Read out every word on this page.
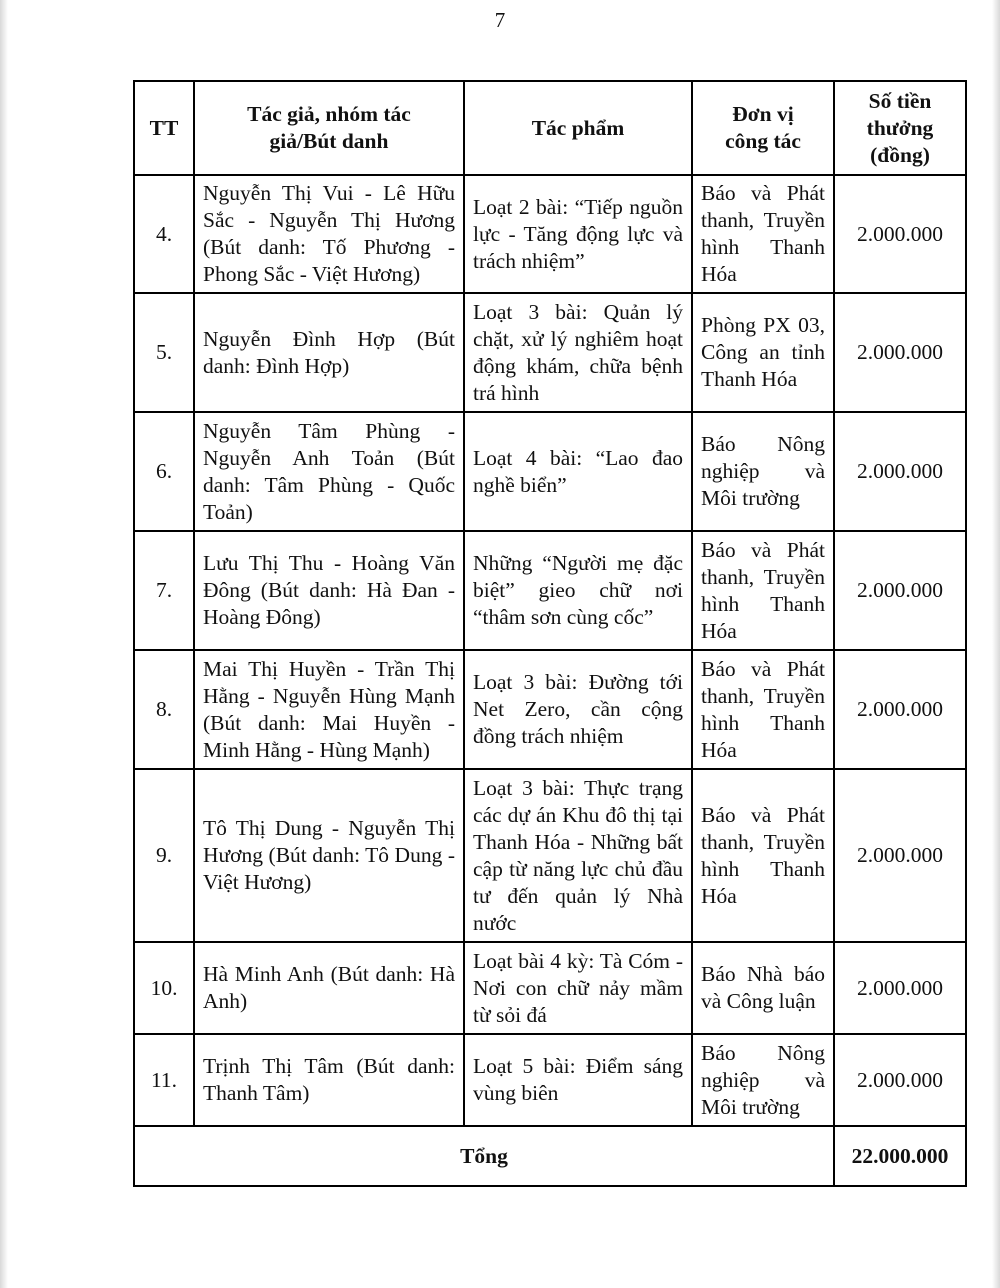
7
TT	Tác giả, nhóm tác giả/Bút danh	Tác phẩm	Đơn vị công tác	Số tiền thưởng (đồng)
4.	Nguyễn Thị Vui - Lê Hữu Sắc - Nguyễn Thị Hương (Bút danh: Tố Phương - Phong Sắc - Việt Hương)	Loạt 2 bài: “Tiếp nguồn lực - Tăng động lực và trách nhiệm”	Báo và Phát thanh, Truyền hình Thanh Hóa	2.000.000
5.	Nguyễn Đình Hợp (Bút danh: Đình Hợp)	Loạt 3 bài: Quản lý chặt, xử lý nghiêm hoạt động khám, chữa bệnh trá hình	Phòng PX 03, Công an tỉnh Thanh Hóa	2.000.000
6.	Nguyễn Tâm Phùng - Nguyễn Anh Toản (Bút danh: Tâm Phùng - Quốc Toản)	Loạt 4 bài: “Lao đao nghề biển”	Báo Nông nghiệp và Môi trường	2.000.000
7.	Lưu Thị Thu - Hoàng Văn Đông (Bút danh: Hà Đan - Hoàng Đông)	Những “Người mẹ đặc biệt” gieo chữ nơi “thâm sơn cùng cốc”	Báo và Phát thanh, Truyền hình Thanh Hóa	2.000.000
8.	Mai Thị Huyền - Trần Thị Hằng - Nguyễn Hùng Mạnh (Bút danh: Mai Huyền - Minh Hằng - Hùng Mạnh)	Loạt 3 bài: Đường tới Net Zero, cần cộng đồng trách nhiệm	Báo và Phát thanh, Truyền hình Thanh Hóa	2.000.000
9.	Tô Thị Dung - Nguyễn Thị Hương (Bút danh: Tô Dung - Việt Hương)	Loạt 3 bài: Thực trạng các dự án Khu đô thị tại Thanh Hóa - Những bất cập từ năng lực chủ đầu tư đến quản lý Nhà nước	Báo và Phát thanh, Truyền hình Thanh Hóa	2.000.000
10.	Hà Minh Anh (Bút danh: Hà Anh)	Loạt bài 4 kỳ: Tà Cóm - Nơi con chữ nảy mầm từ sỏi đá	Báo Nhà báo và Công luận	2.000.000
11.	Trịnh Thị Tâm (Bút danh: Thanh Tâm)	Loạt 5 bài: Điểm sáng vùng biên	Báo Nông nghiệp và Môi trường	2.000.000
Tổng				22.000.000
